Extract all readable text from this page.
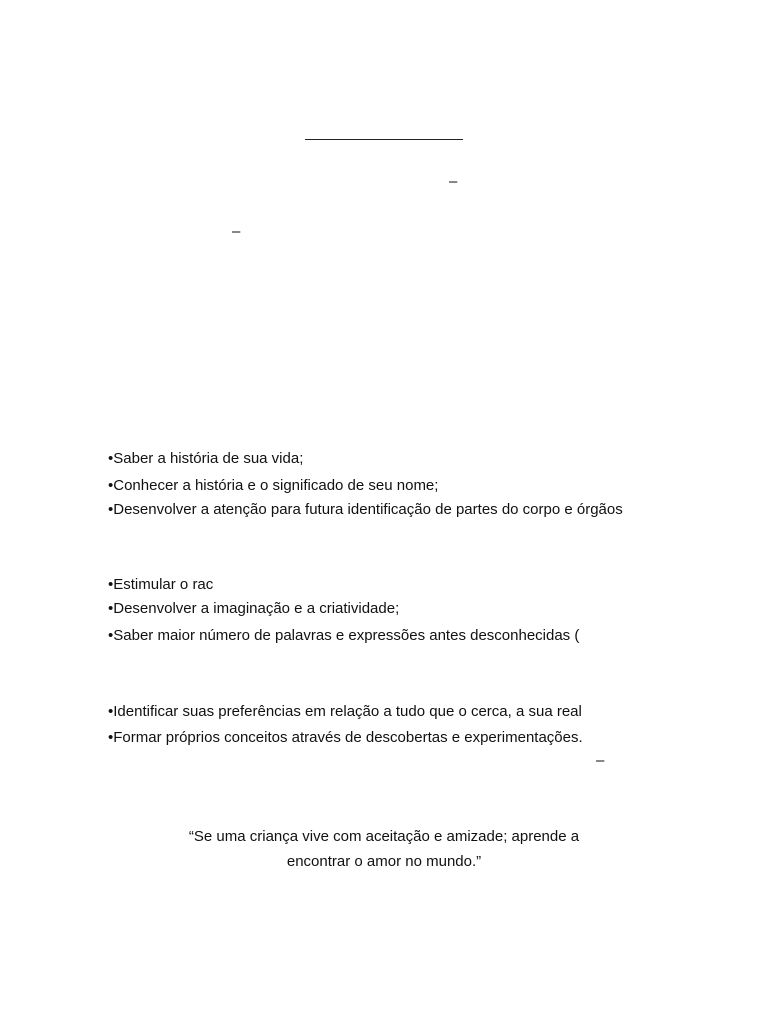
–
–
•Saber a história de sua vida;
•Conhecer a história e o significado de seu nome;
•Desenvolver a atenção para futura identificação de partes do corpo e órgãos
•Estimular o rac
•Desenvolver a imaginação e a criatividade;
•Saber maior número de palavras e expressões antes desconhecidas (
•Identificar suas preferências em relação a tudo que o cerca, a sua real
•Formar próprios conceitos através de descobertas e experimentações.
–
“Se uma criança vive com aceitação e amizade; aprende a
encontrar o amor no mundo.”
